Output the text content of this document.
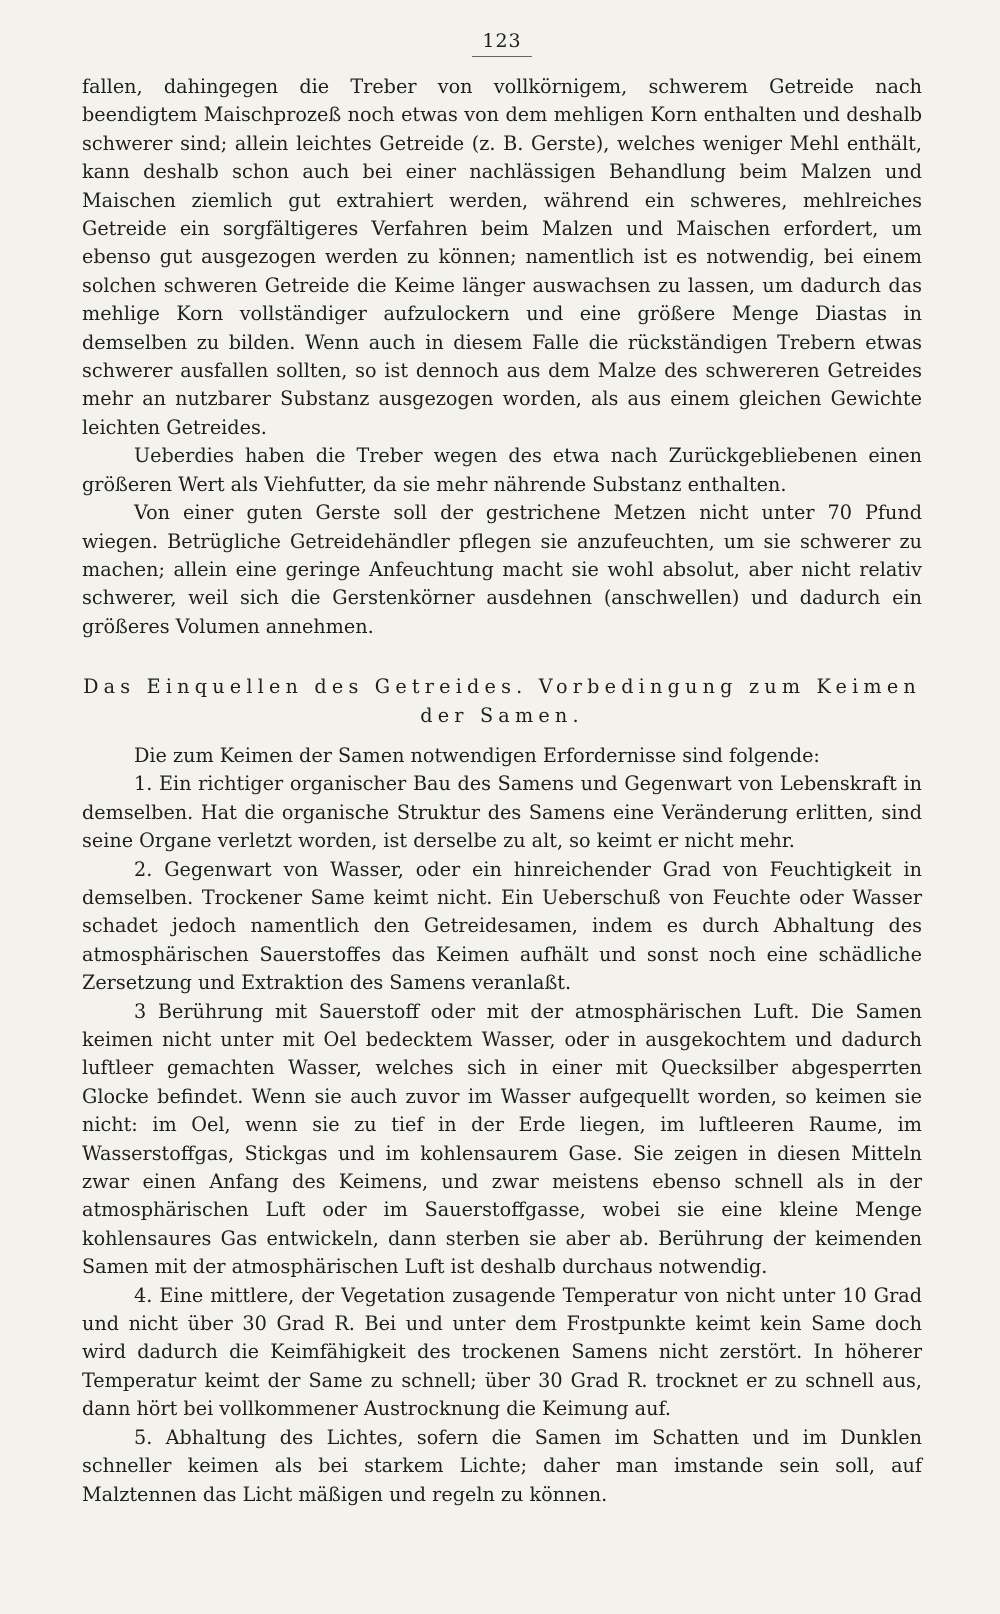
123

fallen, dahingegen die Treber von vollkörnigem, schwerem Getreide nach beendigtem Maischprozeß noch etwas von dem mehligen Korn enthalten und deshalb schwerer sind; allein leichtes Getreide (z. B. Gerste), welches weniger Mehl enthält, kann deshalb schon auch bei einer nachlässigen Behandlung beim Malzen und Maischen ziemlich gut extrahiert werden, während ein schweres, mehlreiches Getreide ein sorgfältigeres Verfahren beim Malzen und Maischen erfordert, um ebenso gut ausgezogen werden zu können; namentlich ist es notwendig, bei einem solchen schweren Getreide die Keime länger auswachsen zu lassen, um dadurch das mehlige Korn vollständiger aufzulockern und eine größere Menge Diastas in demselben zu bilden. Wenn auch in diesem Falle die rückständigen Trebern etwas schwerer ausfallen sollten, so ist dennoch aus dem Malze des schwereren Getreides mehr an nutzbarer Substanz ausgezogen worden, als aus einem gleichen Gewichte leichten Getreides.

Ueberdies haben die Treber wegen des etwa nach Zurückgebliebenen einen größeren Wert als Viehfutter, da sie mehr nährende Substanz enthalten.

Von einer guten Gerste soll der gestrichene Metzen nicht unter 70 Pfund wiegen. Betrügliche Getreidehändler pflegen sie anzufeuchten, um sie schwerer zu machen; allein eine geringe Anfeuchtung macht sie wohl absolut, aber nicht relativ schwerer, weil sich die Gerstenkörner ausdehnen (anschwellen) und dadurch ein größeres Volumen annehmen.

Das Einquellen des Getreides. Vorbedingung zum Keimen der Samen.

Die zum Keimen der Samen notwendigen Erfordernisse sind folgende:

1. Ein richtiger organischer Bau des Samens und Gegenwart von Lebenskraft in demselben. Hat die organische Struktur des Samens eine Veränderung erlitten, sind seine Organe verletzt worden, ist derselbe zu alt, so keimt er nicht mehr.

2. Gegenwart von Wasser, oder ein hinreichender Grad von Feuchtigkeit in demselben. Trockener Same keimt nicht. Ein Ueberschuß von Feuchte oder Wasser schadet jedoch namentlich den Getreidesamen, indem es durch Abhaltung des atmosphärischen Sauerstoffes das Keimen aufhält und sonst noch eine schädliche Zersetzung und Extraktion des Samens veranlaßt.

3 Berührung mit Sauerstoff oder mit der atmosphärischen Luft. Die Samen keimen nicht unter mit Oel bedecktem Wasser, oder in ausgekochtem und dadurch luftleer gemachten Wasser, welches sich in einer mit Quecksilber abgesperrten Glocke befindet. Wenn sie auch zuvor im Wasser aufgequellt worden, so keimen sie nicht: im Oel, wenn sie zu tief in der Erde liegen, im luftleeren Raume, im Wasserstoffgas, Stickgas und im kohlensaurem Gase. Sie zeigen in diesen Mitteln zwar einen Anfang des Keimens, und zwar meistens ebenso schnell als in der atmosphärischen Luft oder im Sauerstoffgasse, wobei sie eine kleine Menge kohlensaures Gas entwickeln, dann sterben sie aber ab. Berührung der keimenden Samen mit der atmosphärischen Luft ist deshalb durchaus notwendig.

4. Eine mittlere, der Vegetation zusagende Temperatur von nicht unter 10 Grad und nicht über 30 Grad R. Bei und unter dem Frostpunkte keimt kein Same doch wird dadurch die Keimfähigkeit des trockenen Samens nicht zerstört. In höherer Temperatur keimt der Same zu schnell; über 30 Grad R. trocknet er zu schnell aus, dann hört bei vollkommener Austrocknung die Keimung auf.

5. Abhaltung des Lichtes, sofern die Samen im Schatten und im Dunklen schneller keimen als bei starkem Lichte; daher man imstande sein soll, auf Malztennen das Licht mäßigen und regeln zu können.
